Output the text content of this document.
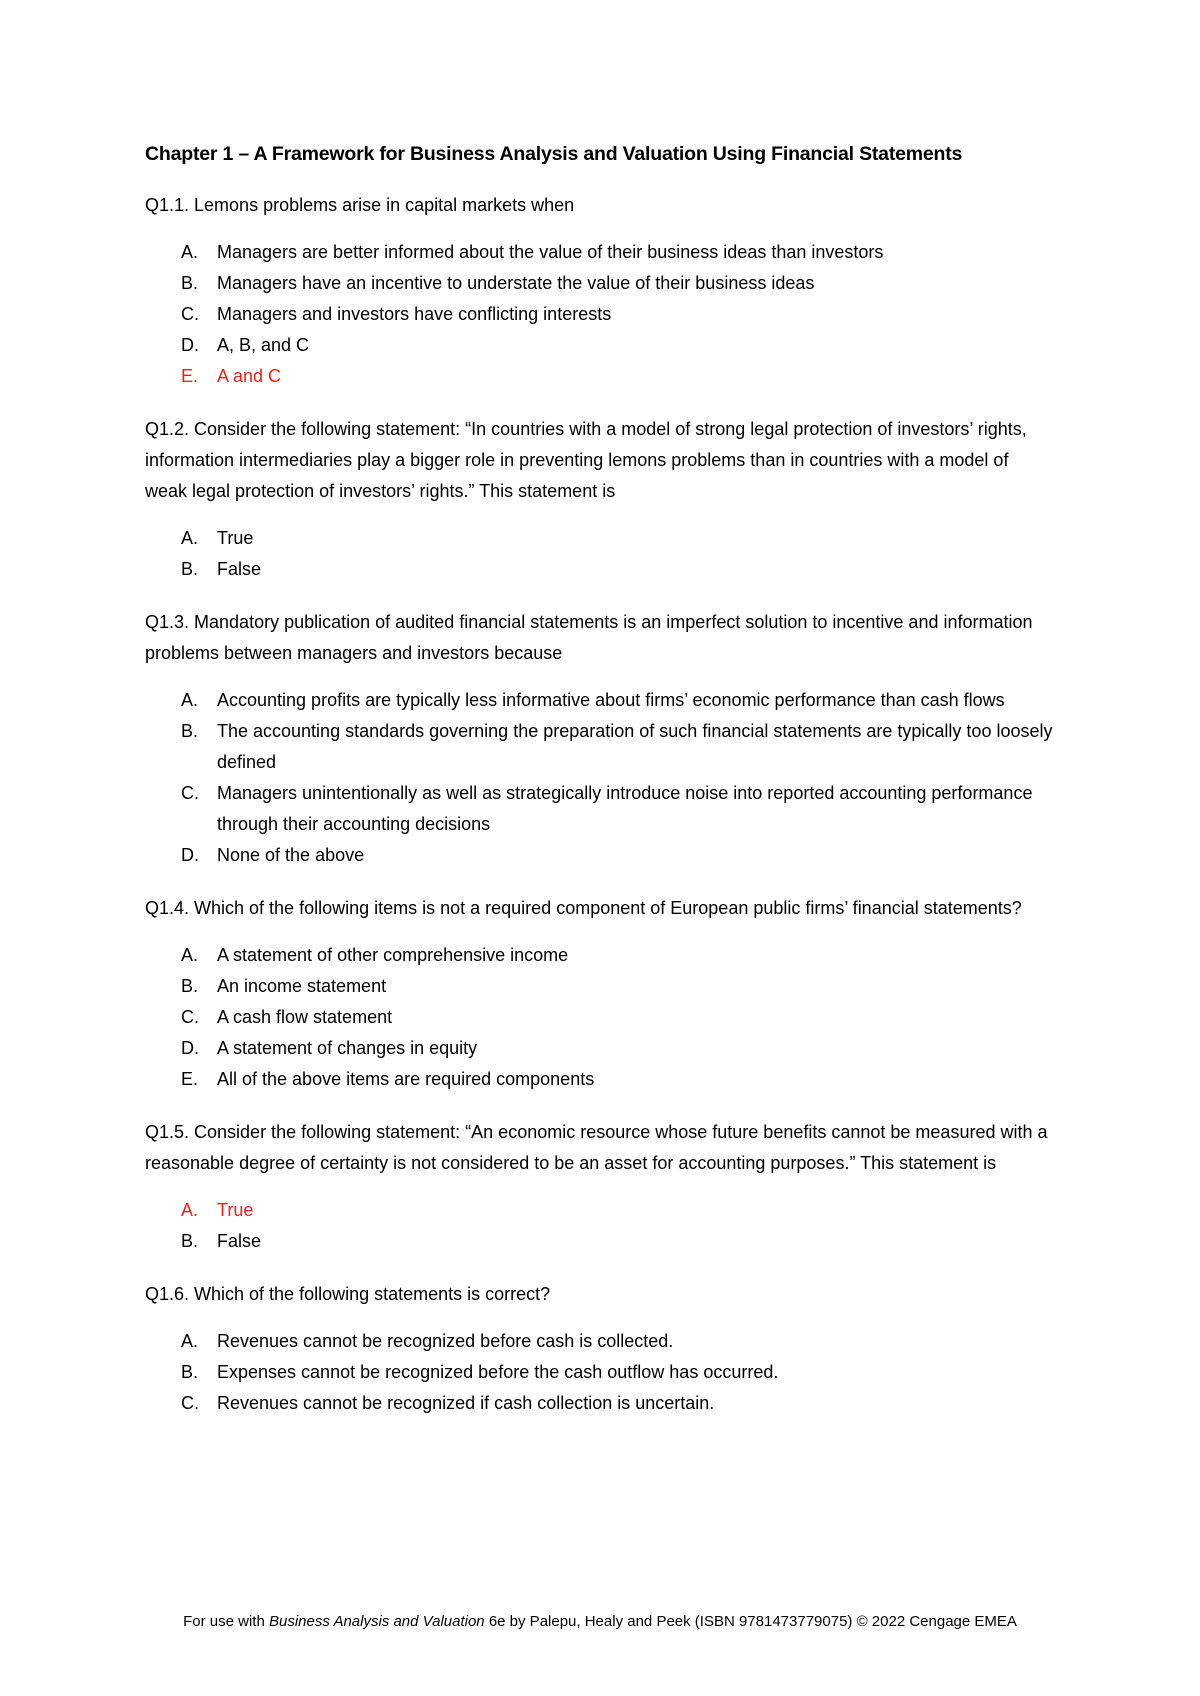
Chapter 1 – A Framework for Business Analysis and Valuation Using Financial Statements

Q1.1. Lemons problems arise in capital markets when

A.	Managers are better informed about the value of their business ideas than investors
B.	Managers have an incentive to understate the value of their business ideas
C.	Managers and investors have conflicting interests
D.	A, B, and C
E.	A and C

Q1.2. Consider the following statement: “In countries with a model of strong legal protection of investors’ rights, information intermediaries play a bigger role in preventing lemons problems than in countries with a model of weak legal protection of investors’ rights.” This statement is

A.	True
B.	False

Q1.3. Mandatory publication of audited financial statements is an imperfect solution to incentive and information problems between managers and investors because

A.	Accounting profits are typically less informative about firms’ economic performance than cash flows
B.	The accounting standards governing the preparation of such financial statements are typically too loosely defined
C.	Managers unintentionally as well as strategically introduce noise into reported accounting performance through their accounting decisions
D.	None of the above

Q1.4. Which of the following items is not a required component of European public firms’ financial statements?

A.	A statement of other comprehensive income
B.	An income statement
C.	A cash flow statement
D.	A statement of changes in equity
E.	All of the above items are required components

Q1.5. Consider the following statement: “An economic resource whose future benefits cannot be measured with a reasonable degree of certainty is not considered to be an asset for accounting purposes.” This statement is

A.	True
B.	False

Q1.6. Which of the following statements is correct?

A.	Revenues cannot be recognized before cash is collected.
B.	Expenses cannot be recognized before the cash outflow has occurred.
C.	Revenues cannot be recognized if cash collection is uncertain.
For use with Business Analysis and Valuation 6e by Palepu, Healy and Peek (ISBN 9781473779075) © 2022 Cengage EMEA
